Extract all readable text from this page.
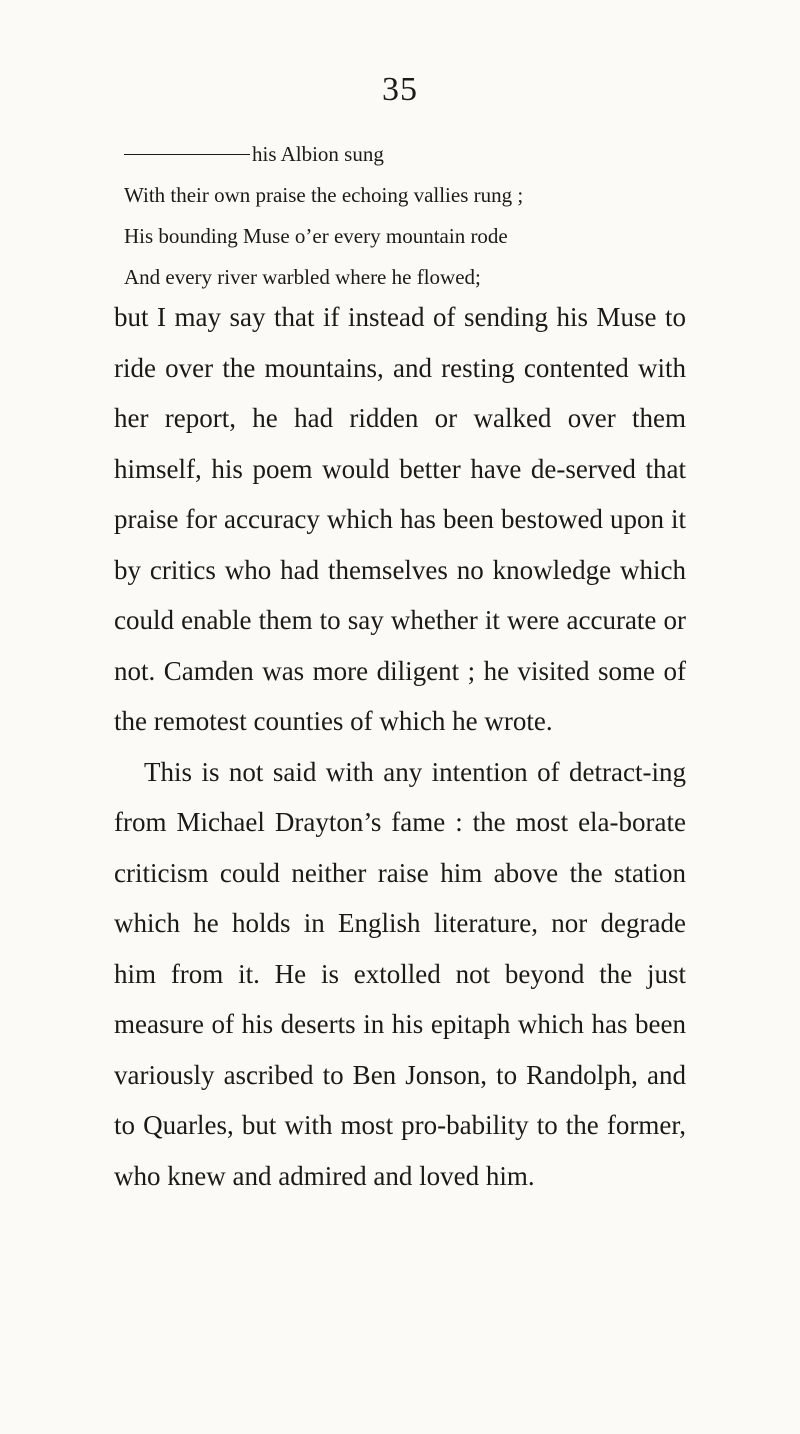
35
his Albion sung
With their own praise the echoing vallies rung ;
His bounding Muse o’er every mountain rode
And every river warbled where he flowed;

but I may say that if instead of sending his Muse to ride over the mountains, and resting contented with her report, he had ridden or walked over them himself, his poem would better have de-served that praise for accuracy which has been bestowed upon it by critics who had themselves no knowledge which could enable them to say whether it were accurate or not. Camden was more diligent ; he visited some of the remotest counties of which he wrote.

This is not said with any intention of detract-ing from Michael Drayton’s fame : the most ela-borate criticism could neither raise him above the station which he holds in English literature, nor degrade him from it. He is extolled not beyond the just measure of his deserts in his epitaph which has been variously ascribed to Ben Jonson, to Randolph, and to Quarles, but with most pro-bability to the former, who knew and admired and loved him.
